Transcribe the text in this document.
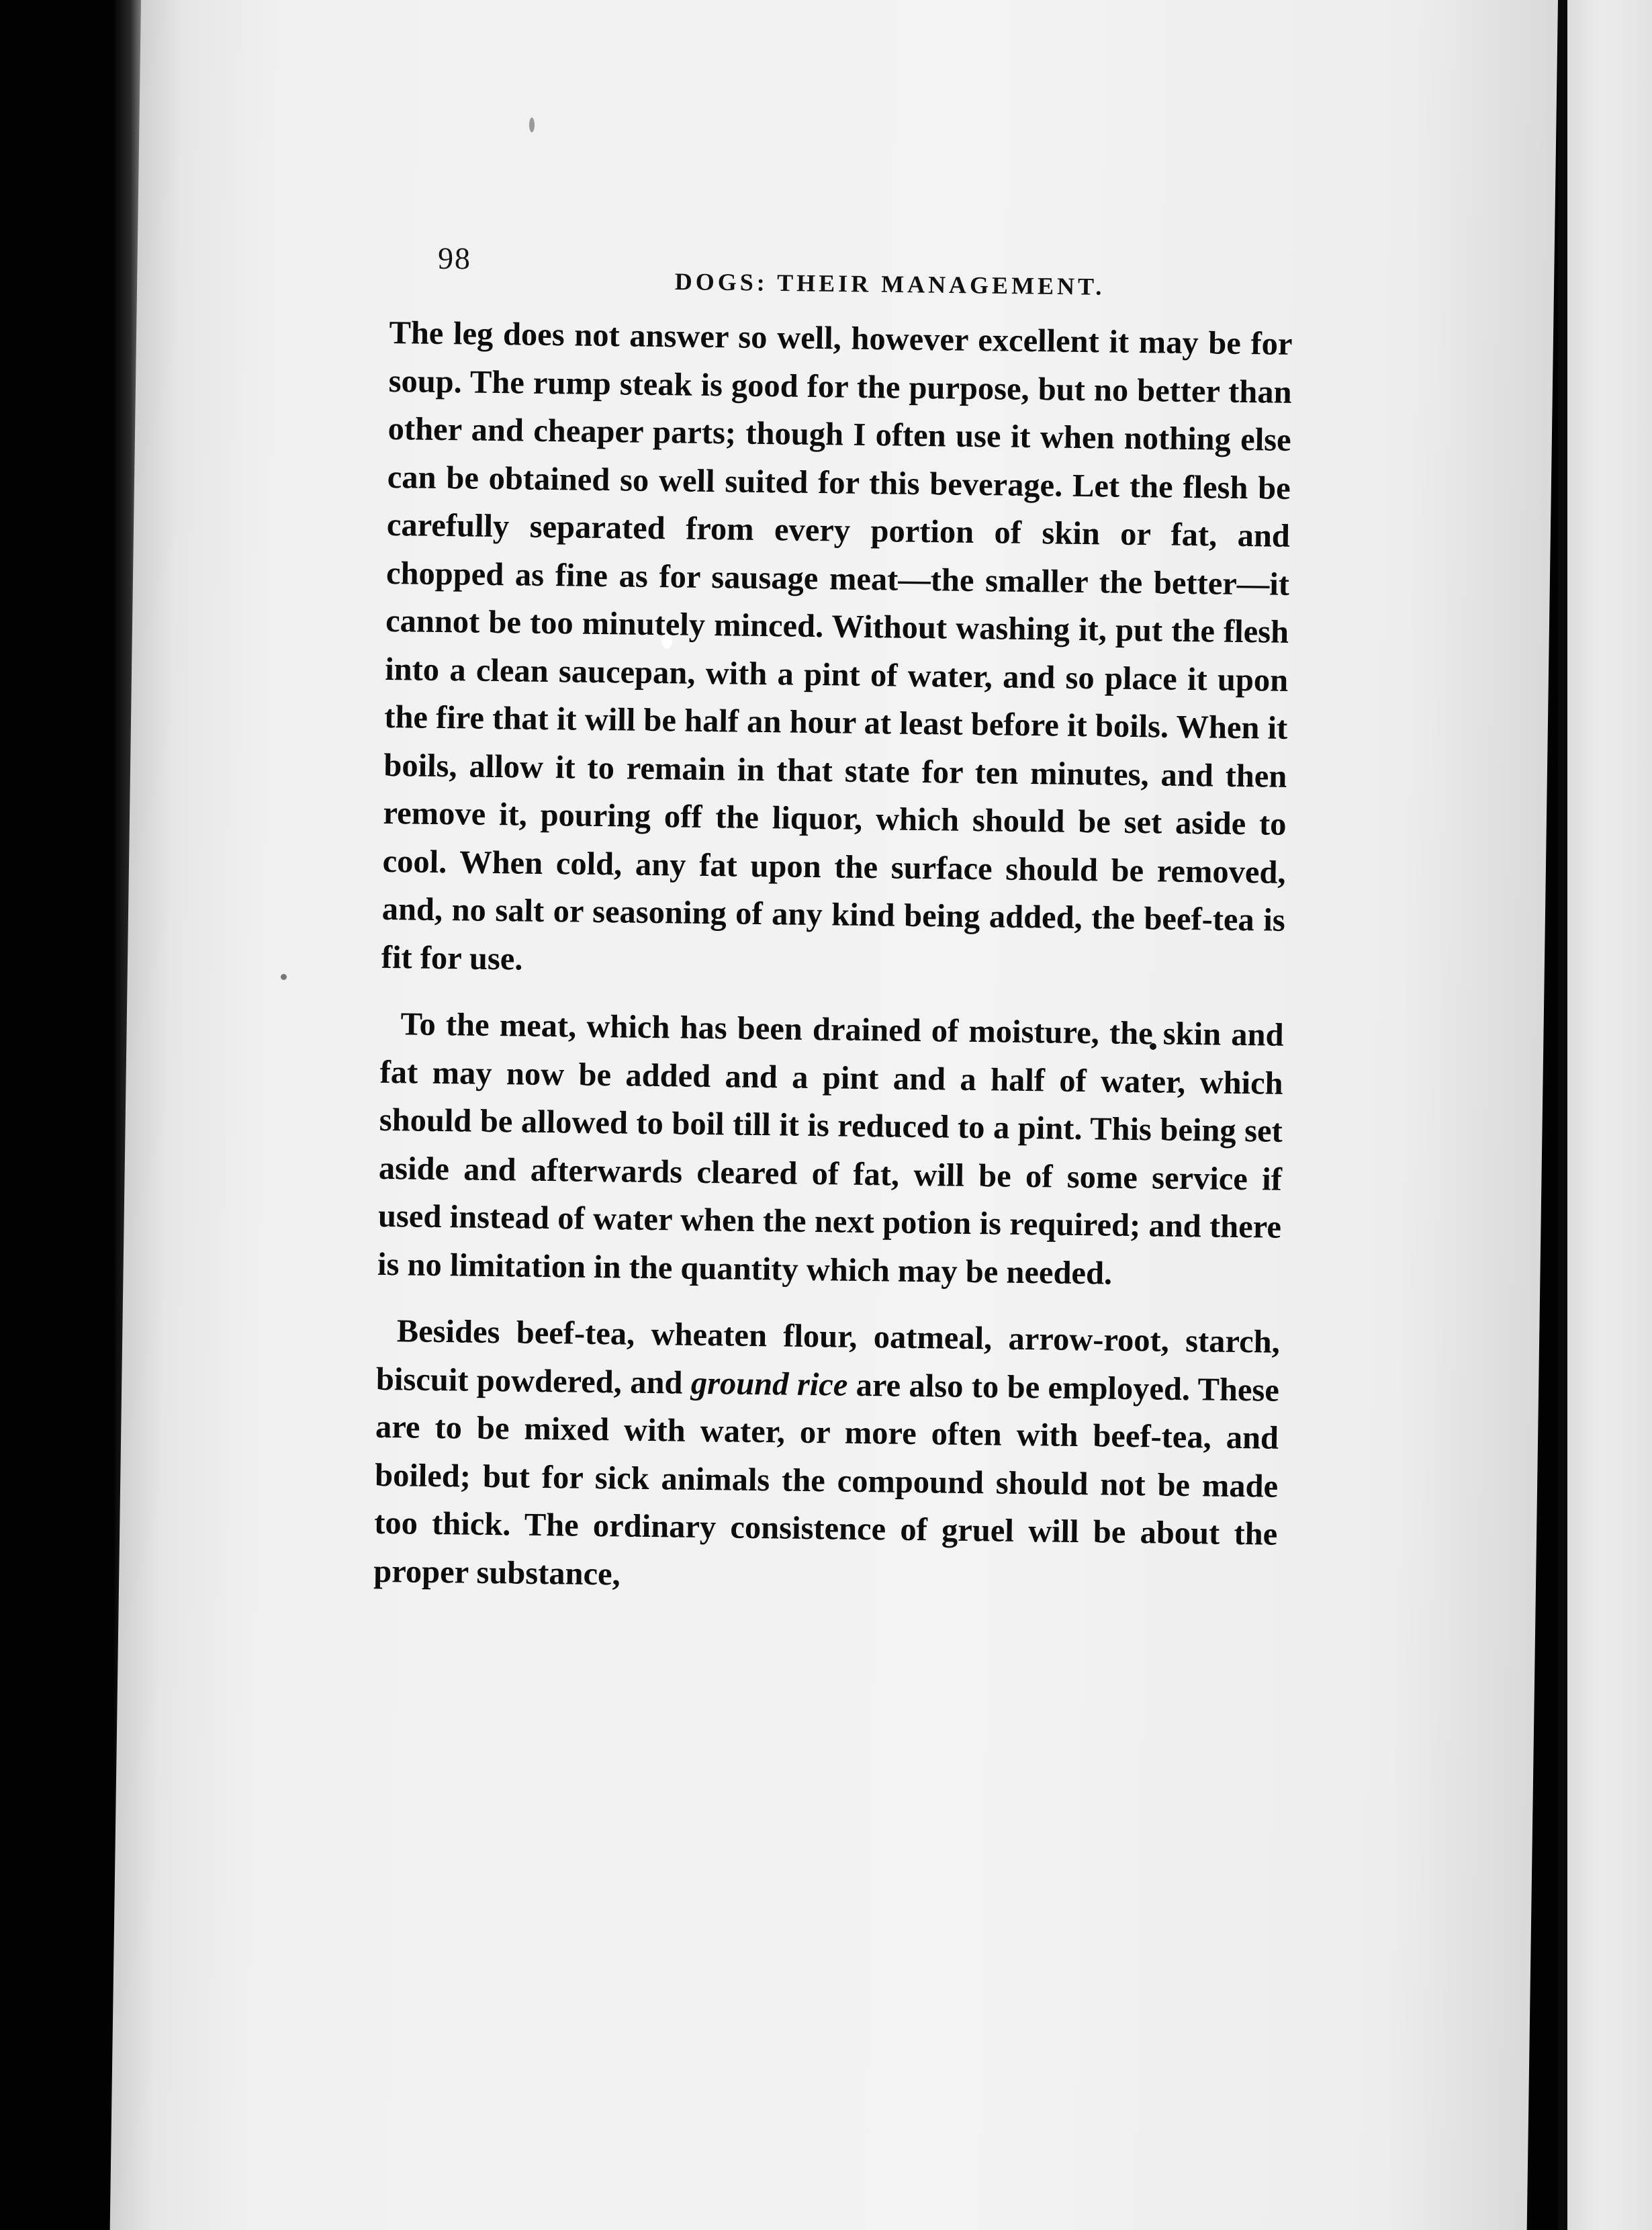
98
DOGS: THEIR MANAGEMENT.

The leg does not answer so well, however excellent it may be for soup. The rump steak is good for the purpose, but no better than other and cheaper parts; though I often use it when nothing else can be obtained so well suited for this beverage. Let the flesh be carefully separated from every portion of skin or fat, and chopped as fine as for sausage meat—the smaller the better—it cannot be too minutely minced. Without washing it, put the flesh into a clean saucepan, with a pint of water, and so place it upon the fire that it will be half an hour at least before it boils. When it boils, allow it to remain in that state for ten minutes, and then remove it, pouring off the liquor, which should be set aside to cool. When cold, any fat upon the surface should be removed, and, no salt or seasoning of any kind being added, the beef-tea is fit for use.

To the meat, which has been drained of moisture, the skin and fat may now be added and a pint and a half of water, which should be allowed to boil till it is reduced to a pint. This being set aside and afterwards cleared of fat, will be of some service if used instead of water when the next potion is required; and there is no limitation in the quantity which may be needed.

Besides beef-tea, wheaten flour, oatmeal, arrow-root, starch, biscuit powdered, and ground rice are also to be employed. These are to be mixed with water, or more often with beef-tea, and boiled; but for sick animals the compound should not be made too thick. The ordinary consistence of gruel will be about the proper substance,
